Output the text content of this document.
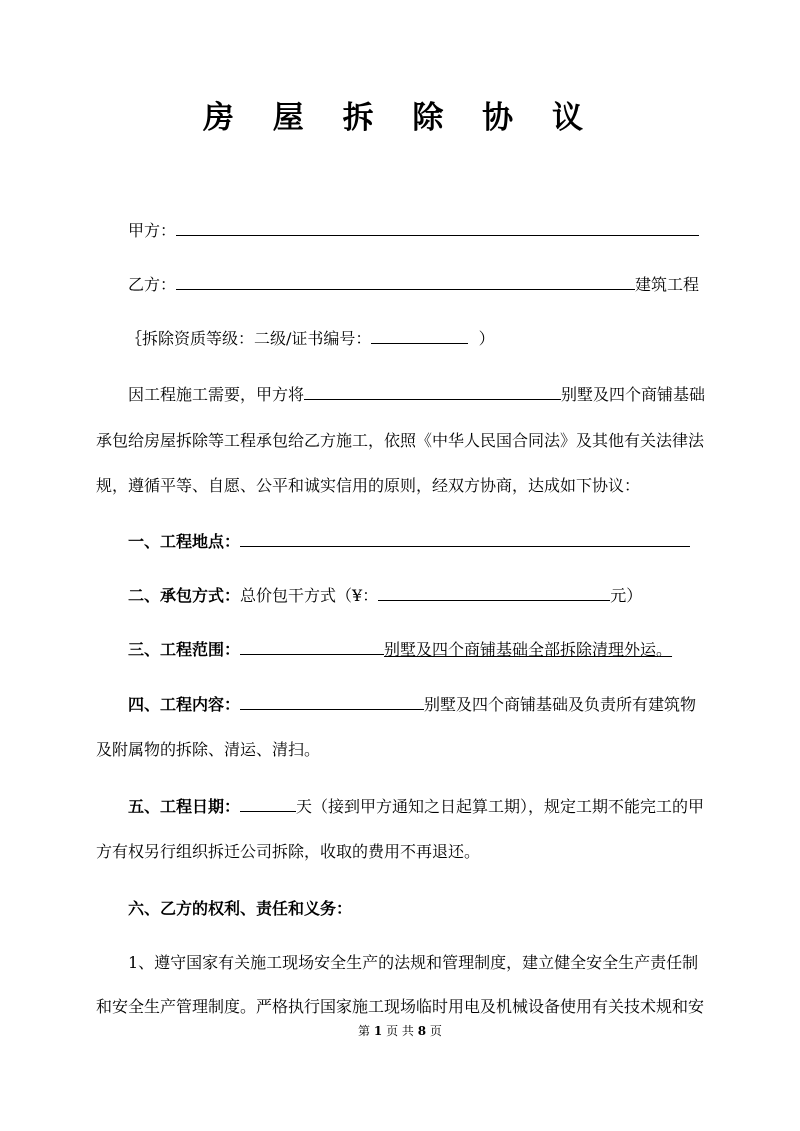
房 屋 拆 除 协 议
甲方：
乙方：	建筑工程
｛拆除资质等级：二级/证书编号：	）
因工程施工需要，甲方将	别墅及四个商铺基础
承包给房屋拆除等工程承包给乙方施工，依照《中华人民国合同法》及其他有关法律法
规，遵循平等、自愿、公平和诚实信用的原则，经双方协商，达成如下协议：
一、工程地点：
二、承包方式：总价包干方式（¥：	元）
三、工程范围：	别墅及四个商铺基础全部拆除清理外运。
四、工程内容：	别墅及四个商铺基础及负责所有建筑物
及附属物的拆除、清运、清扫。
五、工程日期：	天（接到甲方通知之日起算工期），规定工期不能完工的甲
方有权另行组织拆迁公司拆除，收取的费用不再退还。
六、乙方的权利、责任和义务：
1、遵守国家有关施工现场安全生产的法规和管理制度，建立健全安全生产责任制
和安全生产管理制度。严格执行国家施工现场临时用电及机械设备使用有关技术规和安
第 1 页 共 8 页
